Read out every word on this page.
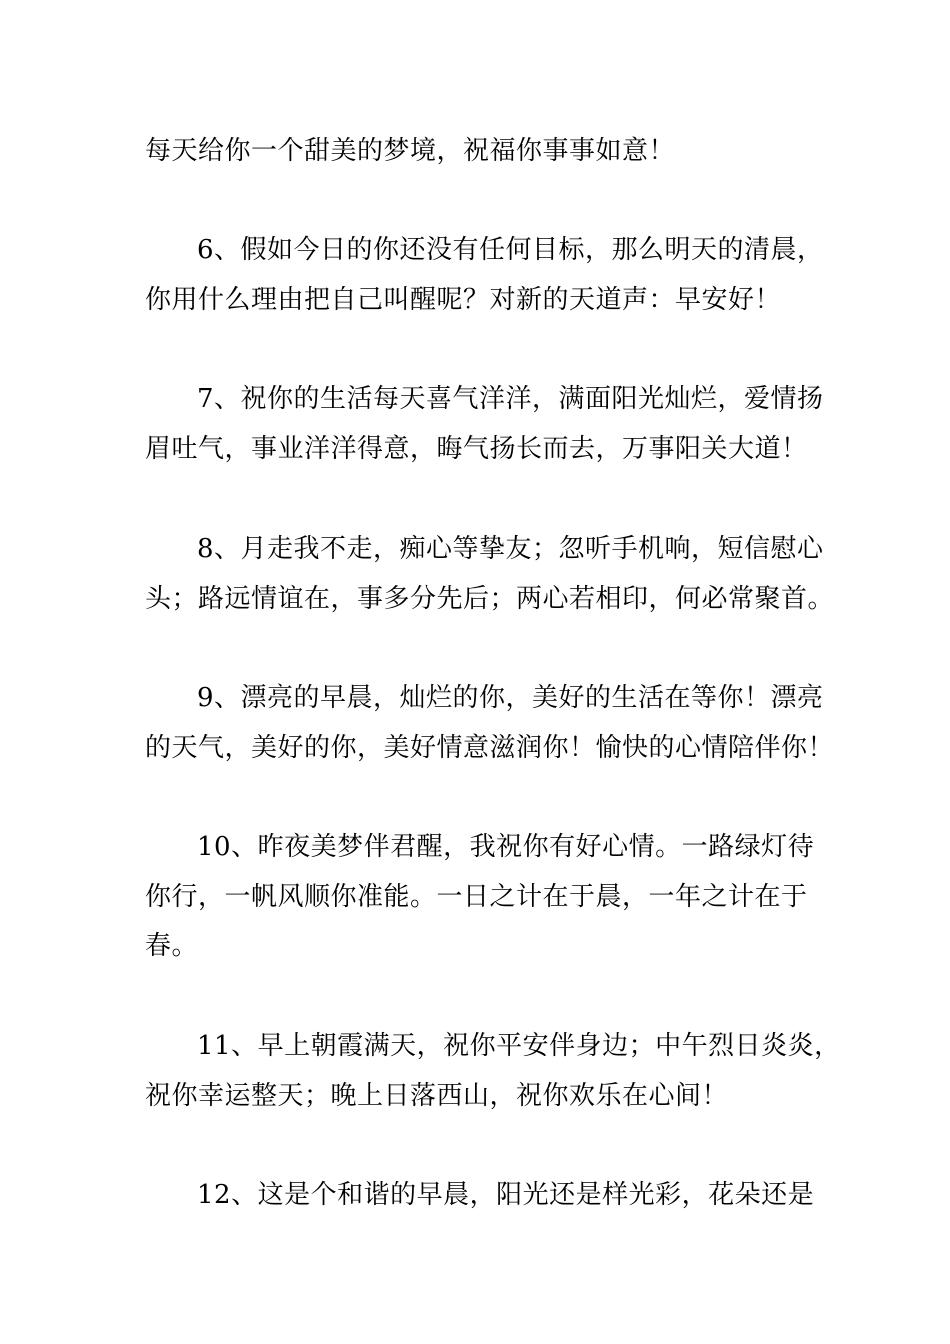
每天给你一个甜美的梦境，祝福你事事如意！
6、假如今日的你还没有任何目标，那么明天的清晨，
你用什么理由把自己叫醒呢？对新的天道声：早安好！
7、祝你的生活每天喜气洋洋，满面阳光灿烂，爱情扬
眉吐气，事业洋洋得意，晦气扬长而去，万事阳关大道！
8、月走我不走，痴心等挚友；忽听手机响，短信慰心
头；路远情谊在，事多分先后；两心若相印，何必常聚首。
9、漂亮的早晨，灿烂的你，美好的生活在等你！漂亮
的天气，美好的你，美好情意滋润你！愉快的心情陪伴你！
10、昨夜美梦伴君醒，我祝你有好心情。一路绿灯待
你行，一帆风顺你准能。一日之计在于晨，一年之计在于
春。
11、早上朝霞满天，祝你平安伴身边；中午烈日炎炎，
祝你幸运整天；晚上日落西山，祝你欢乐在心间！
12、这是个和谐的早晨，阳光还是样光彩，花朵还是
